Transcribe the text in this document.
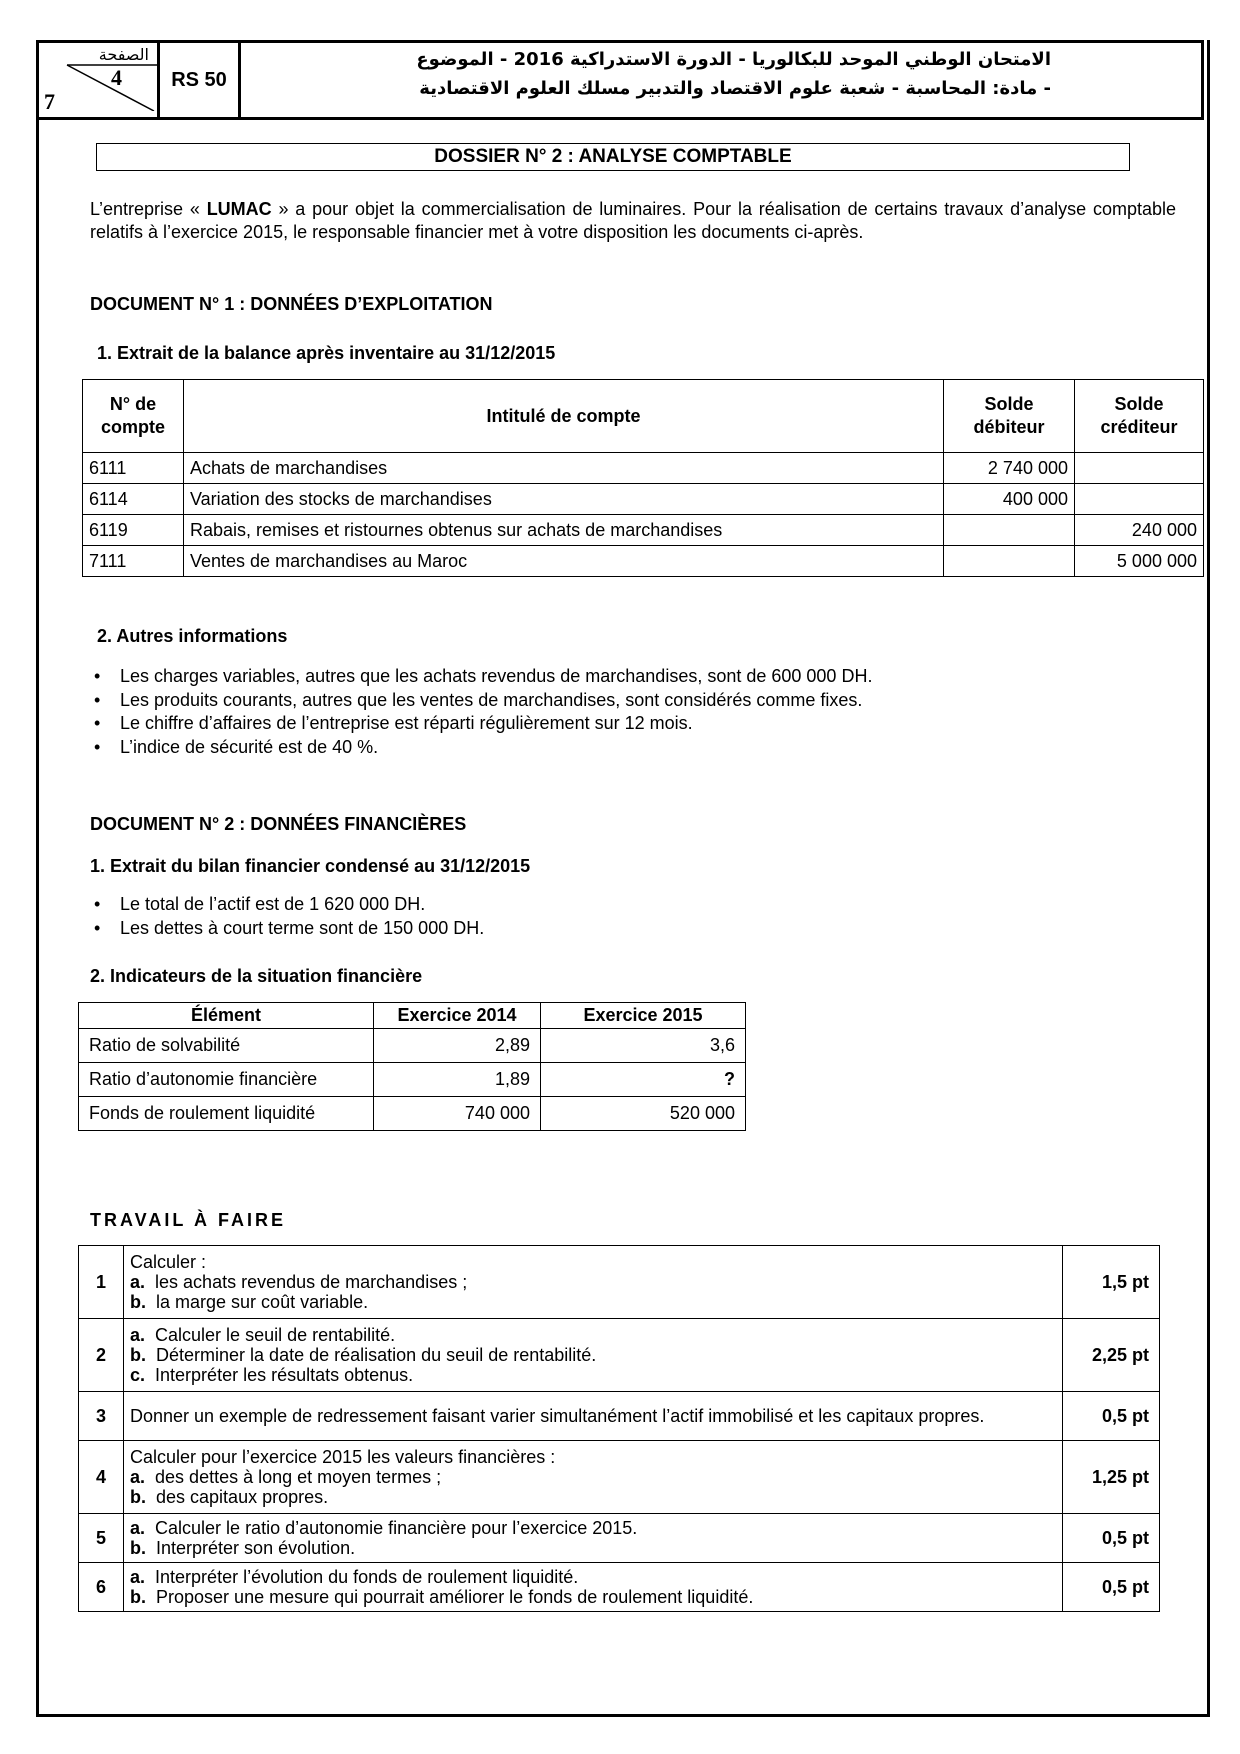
الصفحة
4
7
RS 50
الامتحان الوطني الموحد للبكالوريا - الدورة الاستدراكية 2016 - الموضوع
- مادة: المحاسبة - شعبة علوم الاقتصاد والتدبير مسلك العلوم الاقتصادية
DOSSIER N° 2 : ANALYSE COMPTABLE
L’entreprise « LUMAC » a pour objet la commercialisation de luminaires. Pour la réalisation de certains travaux d’analyse comptable relatifs à l’exercice 2015, le responsable financier met à votre disposition les documents ci-après.
DOCUMENT N° 1 : DONNÉES D’EXPLOITATION
1. Extrait de la balance après inventaire au 31/12/2015
N° de compte	Intitulé de compte	Solde débiteur	Solde créditeur
6111	Achats de marchandises	2 740 000	
6114	Variation des stocks de marchandises	400 000	
6119	Rabais, remises et ristournes obtenus sur achats de marchandises		240 000
7111	Ventes de marchandises au Maroc		5 000 000
2. Autres informations
• Les charges variables, autres que les achats revendus de marchandises, sont de 600 000 DH.
• Les produits courants, autres que les ventes de marchandises, sont considérés comme fixes.
• Le chiffre d’affaires de l’entreprise est réparti régulièrement sur 12 mois.
• L’indice de sécurité est de 40 %.
DOCUMENT N° 2 : DONNÉES FINANCIÈRES
1. Extrait du bilan financier condensé au 31/12/2015
• Le total de l’actif est de 1 620 000 DH.
• Les dettes à court terme sont de 150 000 DH.
2. Indicateurs de la situation financière
Élément	Exercice 2014	Exercice 2015
Ratio de solvabilité	2,89	3,6
Ratio d’autonomie financière	1,89	?
Fonds de roulement liquidité	740 000	520 000
TRAVAIL À FAIRE
1	Calculer :
a. les achats revendus de marchandises ;
b. la marge sur coût variable.	1,5 pt
2	a. Calculer le seuil de rentabilité.
b. Déterminer la date de réalisation du seuil de rentabilité.
c. Interpréter les résultats obtenus.	2,25 pt
3	Donner un exemple de redressement faisant varier simultanément l’actif immobilisé et les capitaux propres.	0,5 pt
4	Calculer pour l’exercice 2015 les valeurs financières :
a. des dettes à long et moyen termes ;
b. des capitaux propres.	1,25 pt
5	a. Calculer le ratio d’autonomie financière pour l’exercice 2015.
b. Interpréter son évolution.	0,5 pt
6	a. Interpréter l’évolution du fonds de roulement liquidité.
b. Proposer une mesure qui pourrait améliorer le fonds de roulement liquidité.	0,5 pt
